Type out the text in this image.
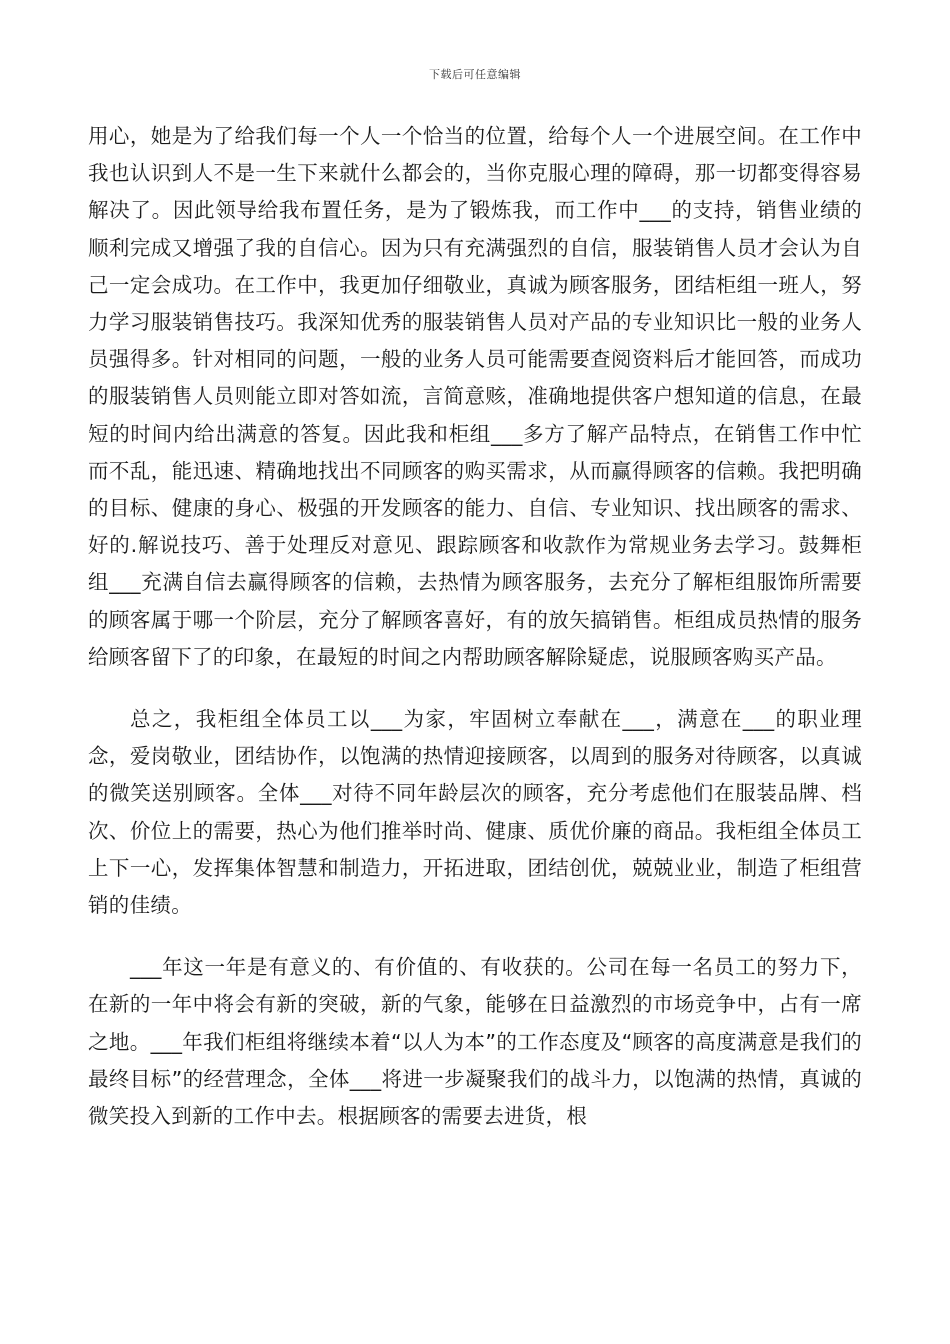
下载后可任意编辑

用心，她是为了给我们每一个人一个恰当的位置，给每个人一个进展空间。在工作中我也认识到人不是一生下来就什么都会的，当你克服心理的障碍，那一切都变得容易解决了。因此领导给我布置任务，是为了锻炼我，而工作中___的支持，销售业绩的顺利完成又增强了我的自信心。因为只有充满强烈的自信，服装销售人员才会认为自己一定会成功。在工作中，我更加仔细敬业，真诚为顾客服务，团结柜组一班人，努力学习服装销售技巧。我深知优秀的服装销售人员对产品的专业知识比一般的业务人员强得多。针对相同的问题，一般的业务人员可能需要查阅资料后才能回答，而成功的服装销售人员则能立即对答如流，言简意赅，准确地提供客户想知道的信息，在最短的时间内给出满意的答复。因此我和柜组___多方了解产品特点，在销售工作中忙而不乱，能迅速、精确地找出不同顾客的购买需求，从而赢得顾客的信赖。我把明确的目标、健康的身心、极强的开发顾客的能力、自信、专业知识、找出顾客的需求、好的.解说技巧、善于处理反对意见、跟踪顾客和收款作为常规业务去学习。鼓舞柜组___充满自信去赢得顾客的信赖，去热情为顾客服务，去充分了解柜组服饰所需要的顾客属于哪一个阶层，充分了解顾客喜好，有的放矢搞销售。柜组成员热情的服务给顾客留下了的印象，在最短的时间之内帮助顾客解除疑虑，说服顾客购买产品。

总之，我柜组全体员工以___为家，牢固树立奉献在___，满意在___的职业理念，爱岗敬业，团结协作，以饱满的热情迎接顾客，以周到的服务对待顾客，以真诚的微笑送别顾客。全体___对待不同年龄层次的顾客，充分考虑他们在服装品牌、档次、价位上的需要，热心为他们推举时尚、健康、质优价廉的商品。我柜组全体员工上下一心，发挥集体智慧和制造力，开拓进取，团结创优，兢兢业业，制造了柜组营销的佳绩。

___年这一年是有意义的、有价值的、有收获的。公司在每一名员工的努力下，在新的一年中将会有新的突破，新的气象，能够在日益激烈的市场竞争中，占有一席之地。___年我们柜组将继续本着“以人为本”的工作态度及“顾客的高度满意是我们的最终目标”的经营理念，全体___将进一步凝聚我们的战斗力，以饱满的热情，真诚的微笑投入到新的工作中去。根据顾客的需要去进货，根
